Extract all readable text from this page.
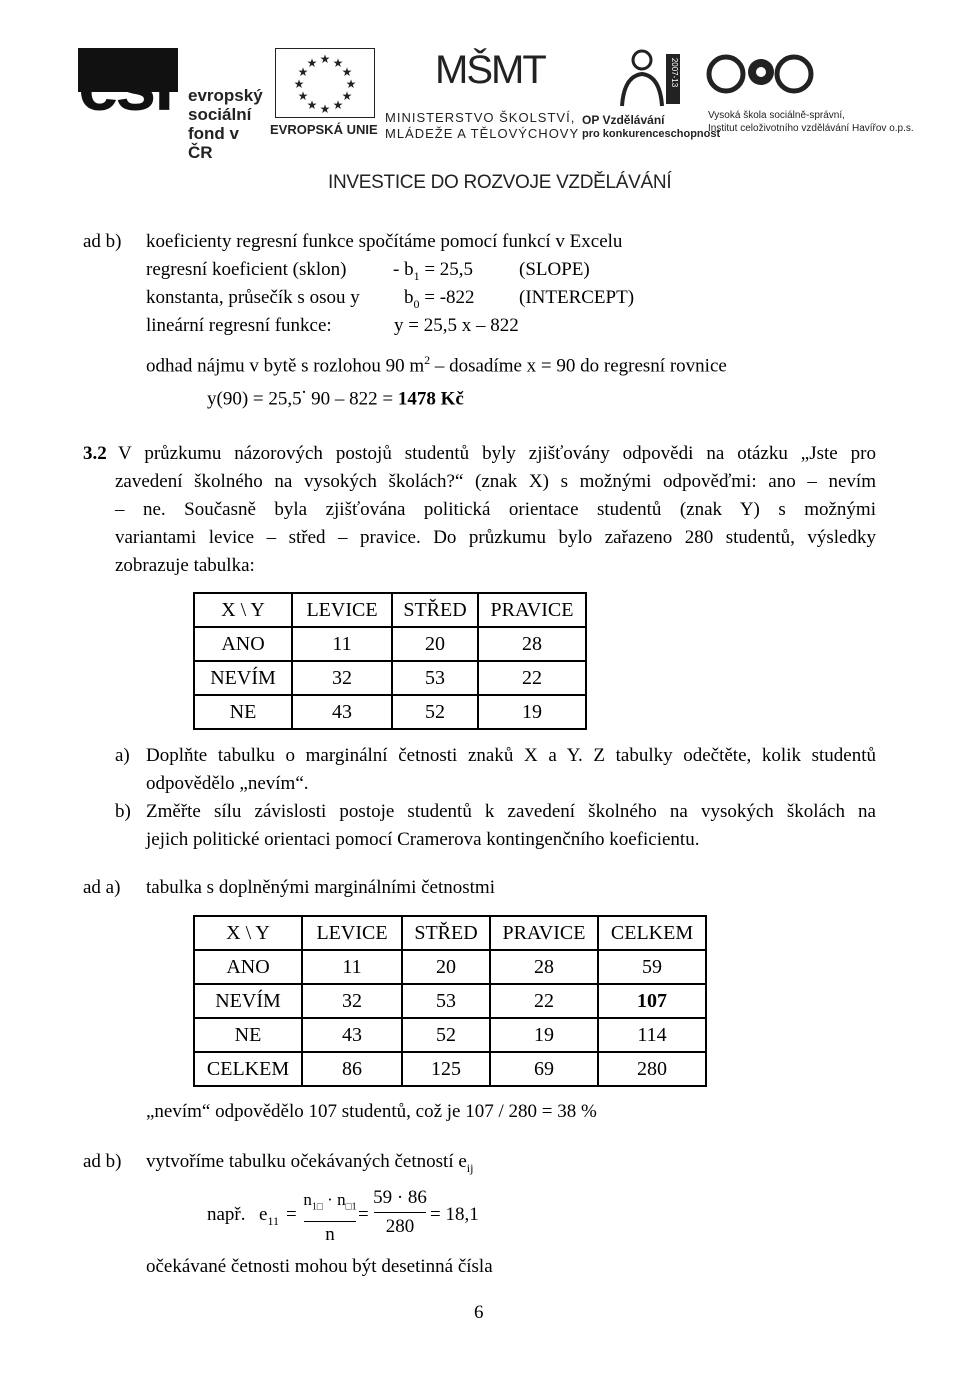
evropský
sociální
fond v ČR
★ ★
★
★
★
★
★
★
★
★
★
★
EVROPSKÁ UNIE
MŠMT
MINISTERSTVO ŠKOLSTVÍ,
MLÁDEŽE A TĚLOVÝCHOVY
2007-13
OP Vzdělávání
pro konkurenceschopnost
Vysoká škola sociálně-správní,
Institut celoživotního vzdělávání Havířov o.p.s.
INVESTICE DO ROZVOJE VZDĚLÁVÁNÍ
ad b) koeficienty regresní funkce spočítáme pomocí funkcí v Excelu
regresní koeficient (sklon) - $b_1 = 25,5$ (SLOPE)
konstanta, průsečík s osou y $b_0 = -822$ (INTERCEPT)
lineární regresní funkce:	y = 25,5 x – 822
odhad nájmu v bytě s rozlohou 90 $m^2$ – dosadíme x = 90 do regresní rovnice
y(90) = 25,5. 90 – 822 = 1478 Kč
3.2 V průzkumu názorových postojů studentů byly zjišťovány odpovědi na otázku „Jste pro
zavedení školného na vysokých školách?“ (znak X) s možnými odpověďmi: ano – nevím
– ne. Současně byla zjišťována politická orientace studentů (znak Y) s možnými
variantami levice – střed – pravice. Do průzkumu bylo zařazeno 280 studentů, výsledky
zobrazuje tabulka:
X \ Y	LEVICE	STŘED	PRAVICE
ANO	11	20	28
NEVÍM	32	53	22
NE	43	52	19
a) Doplňte tabulku o marginální četnosti znaků X a Y. Z tabulky odečtěte, kolik studentů
odpovědělo „nevím“.
b) Změřte sílu závislosti postoje studentů k zavedení školného na vysokých školách na
jejich politické orientaci pomocí Cramerova kontingenčního koeficientu.
ad a) tabulka s doplněnými marginálními četnostmi
X \ Y	LEVICE	STŘED	PRAVICE	CELKEM
ANO	11	20	28	59
NEVÍM	32	53	22	107
NE	43	52	19	114
CELKEM	86	125	69	280
„nevím“ odpovědělo 107 studentů, což je 107 / 280 = 38 %
ad b) vytvoříme tabulku očekávaných četností $e_{ij}$
např. $e_{11}$ =
$n_{1□} \cdot n_{□1}$
n
=
59 · 86
280
= 18,1
očekávané četnosti mohou být desetinná čísla
6
